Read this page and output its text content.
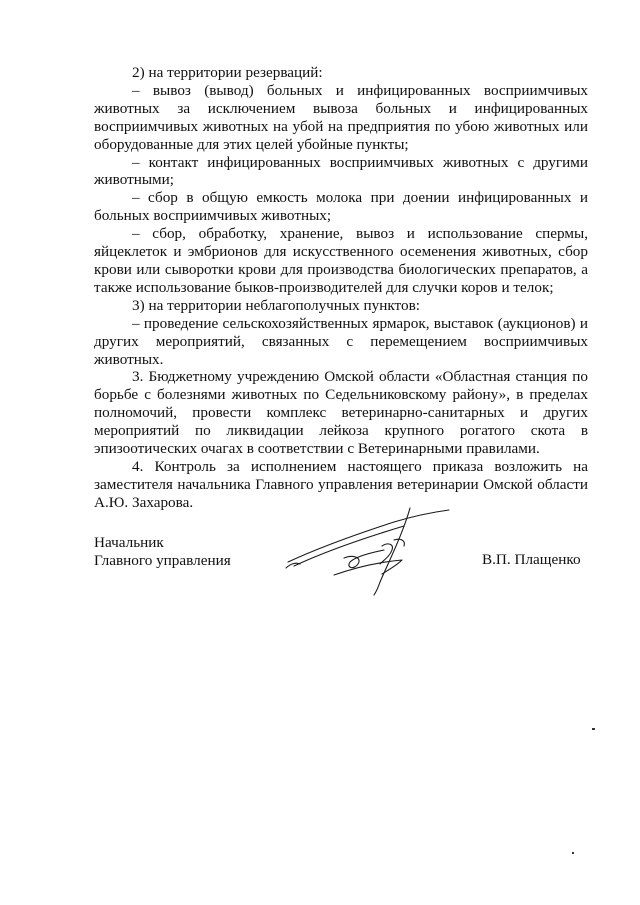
2) на территории резерваций:

– вывоз (вывод) больных и инфицированных восприимчивых животных за исключением вывоза больных и инфицированных восприимчивых животных на убой на предприятия по убою животных или оборудованные для этих целей убойные пункты;

– контакт инфицированных восприимчивых животных с другими животными;

– сбор в общую емкость молока при доении инфицированных и больных восприимчивых животных;

– сбор, обработку, хранение, вывоз и использование спермы, яйцеклеток и эмбрионов для искусственного осеменения животных, сбор крови или сыворотки крови для производства биологических препаратов, а также использование быков-производителей для случки коров и телок;

3) на территории неблагополучных пунктов:

– проведение сельскохозяйственных ярмарок, выставок (аукционов) и других мероприятий, связанных с перемещением восприимчивых животных.

3. Бюджетному учреждению Омской области «Областная станция по борьбе с болезнями животных по Седельниковскому району», в пределах полномочий, провести комплекс ветеринарно-санитарных и других мероприятий по ликвидации лейкоза крупного рогатого скота в эпизоотических очагах в соответствии с Ветеринарными правилами.

4. Контроль за исполнением настоящего приказа возложить на заместителя начальника Главного управления ветеринарии Омской области А.Ю. Захарова.

Начальник
Главного управления	В.П. Плащенко
